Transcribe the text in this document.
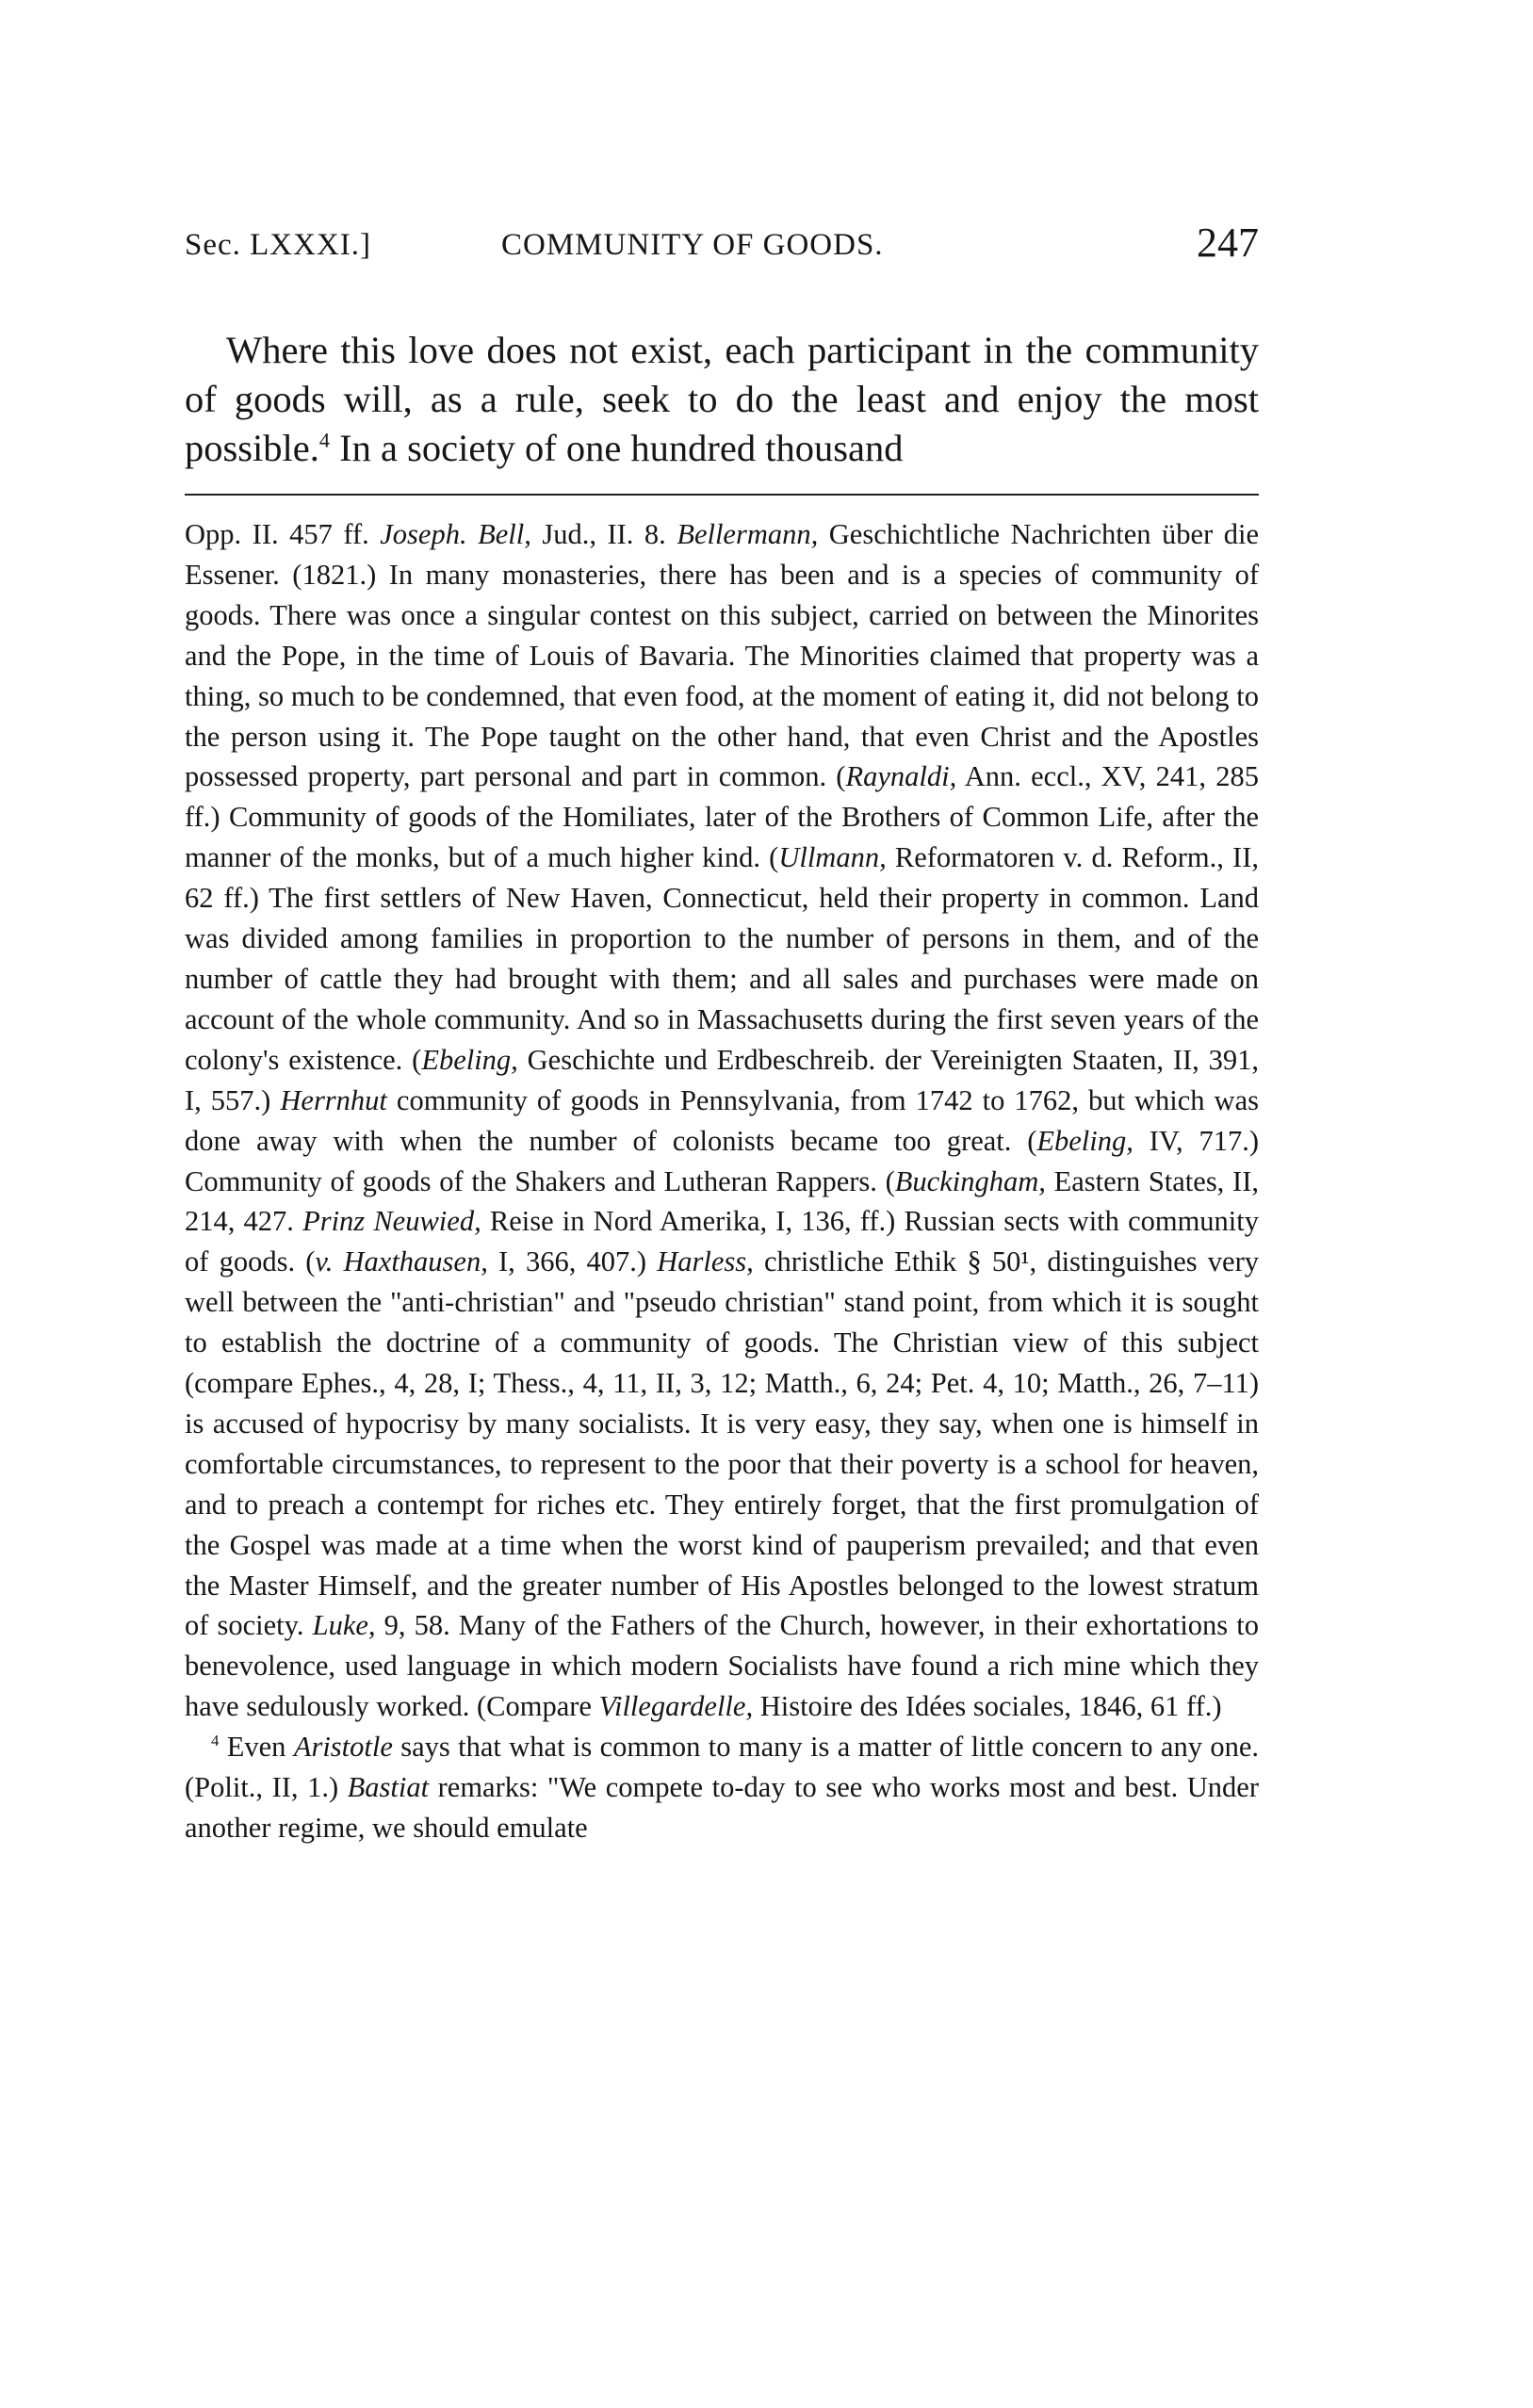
Sec. LXXXI.]	COMMUNITY OF GOODS.	247

Where this love does not exist, each participant in the community of goods will, as a rule, seek to do the least and enjoy the most possible.$^4$ In a society of one hundred thousand

Opp. II. 457 ff. Joseph. Bell, Jud., II. 8. Bellermann, Geschichtliche Nachrichten über die Essener. (1821.) In many monasteries, there has been and is a species of community of goods. There was once a singular contest on this subject, carried on between the Minorites and the Pope, in the time of Louis of Bavaria. The Minorities claimed that property was a thing, so much to be condemned, that even food, at the moment of eating it, did not belong to the person using it. The Pope taught on the other hand, that even Christ and the Apostles possessed property, part personal and part in common. (Raynaldi, Ann. eccl., XV, 241, 285 ff.) Community of goods of the Homiliates, later of the Brothers of Common Life, after the manner of the monks, but of a much higher kind. (Ullmann, Reformatoren v. d. Reform., II, 62 ff.) The first settlers of New Haven, Connecticut, held their property in common. Land was divided among families in proportion to the number of persons in them, and of the number of cattle they had brought with them; and all sales and purchases were made on account of the whole community. And so in Massachusetts during the first seven years of the colony's existence. (Ebeling, Geschichte und Erdbeschreib. der Vereinigten Staaten, II, 391, I, 557.) Herrnhut community of goods in Pennsylvania, from 1742 to 1762, but which was done away with when the number of colonists became too great. (Ebeling, IV, 717.) Community of goods of the Shakers and Lutheran Rappers. (Buckingham, Eastern States, II, 214, 427. Prinz Neuwied, Reise in Nord Amerika, I, 136, ff.) Russian sects with community of goods. (v. Haxthausen, I, 366, 407.) Harless, christliche Ethik § 50¹, distinguishes very well between the "anti-christian" and "pseudo christian" stand point, from which it is sought to establish the doctrine of a community of goods. The Christian view of this subject (compare Ephes., 4, 28, I; Thess., 4, 11, II, 3, 12; Matth., 6, 24; Pet. 4, 10; Matth., 26, 7–11) is accused of hypocrisy by many socialists. It is very easy, they say, when one is himself in comfortable circumstances, to represent to the poor that their poverty is a school for heaven, and to preach a contempt for riches etc. They entirely forget, that the first promulgation of the Gospel was made at a time when the worst kind of pauperism prevailed; and that even the Master Himself, and the greater number of His Apostles belonged to the lowest stratum of society. Luke, 9, 58. Many of the Fathers of the Church, however, in their exhortations to benevolence, used language in which modern Socialists have found a rich mine which they have sedulously worked. (Compare Villegardelle, Histoire des Idées sociales, 1846, 61 ff.)

$^4$ Even Aristotle says that what is common to many is a matter of little concern to any one. (Polit., II, 1.) Bastiat remarks: "We compete to-day to see who works most and best. Under another regime, we should emulate
